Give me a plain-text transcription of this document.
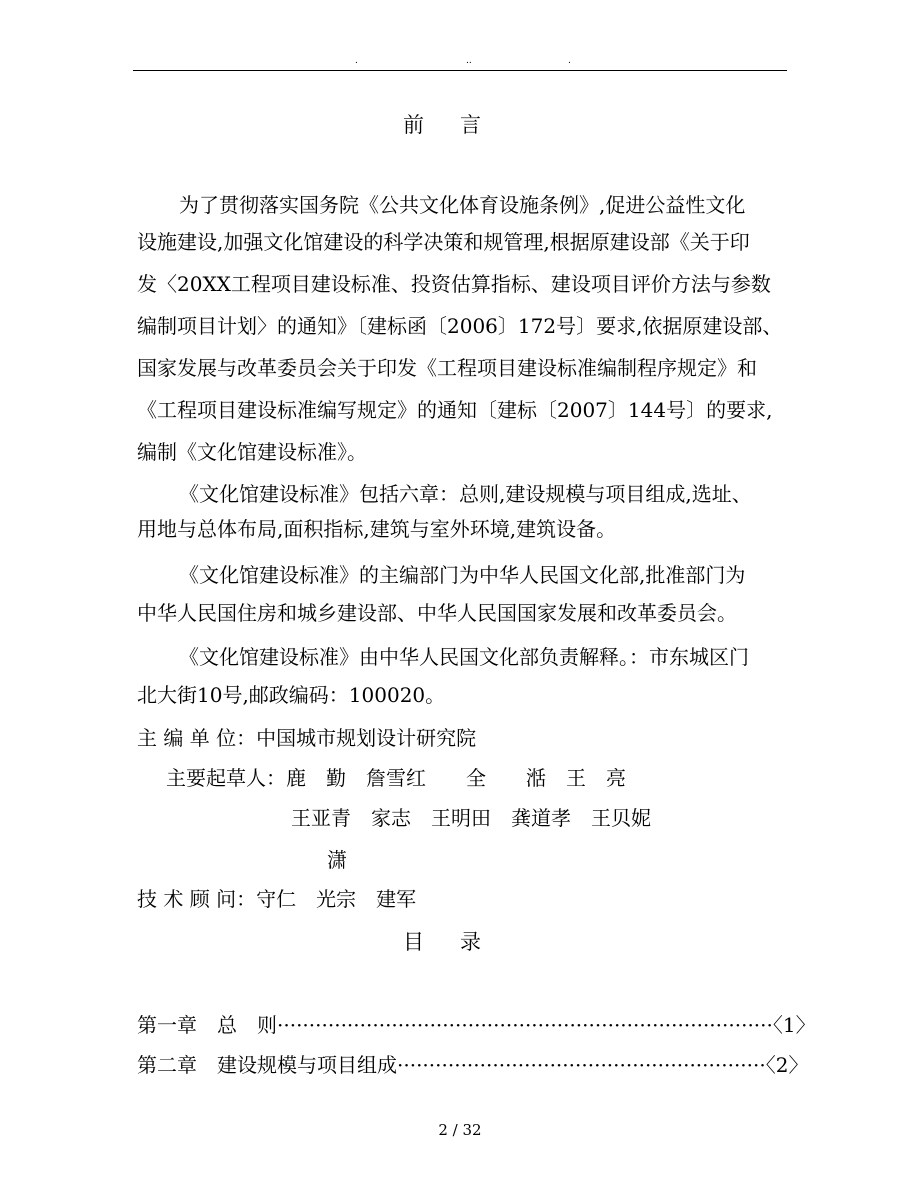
.	..	.
前言
为了贯彻落实国务院《公共文化体育设施条例》,促进公益性文化
设施建设,加强文化馆建设的科学决策和规管理,根据原建设部《关于印
发〈20XX工程项目建设标准、投资估算指标、建设项目评价方法与参数
编制项目计划〉的通知》〔建标函〔2006〕172号〕要求,依据原建设部、
国家发展与改革委员会关于印发《工程项目建设标准编制程序规定》和
《工程项目建设标准编写规定》的通知〔建标〔2007〕144号〕的要求,
编制《文化馆建设标准》。
《文化馆建设标准》包括六章：总则,建设规模与项目组成,选址、
用地与总体布局,面积指标,建筑与室外环境,建筑设备。
《文化馆建设标准》的主编部门为中华人民国文化部,批准部门为
中华人民国住房和城乡建设部、中华人民国国家发展和改革委员会。
《文化馆建设标准》由中华人民国文化部负责解释。：市东城区门
北大街10号,邮政编码：100020。
主 编 单 位：中国城市规划设计研究院
主要起草人：鹿　勤　詹雪红　　全　　湉　王　亮
王亚青　家志　王明田　龚道孝　王贝妮
潇
技 术 顾 问：守仁　光宗　建军
目录
第一章　总　则··············································································〈1〉
第二章　建设规模与项目组成··························································〈2〉
2 / 32
